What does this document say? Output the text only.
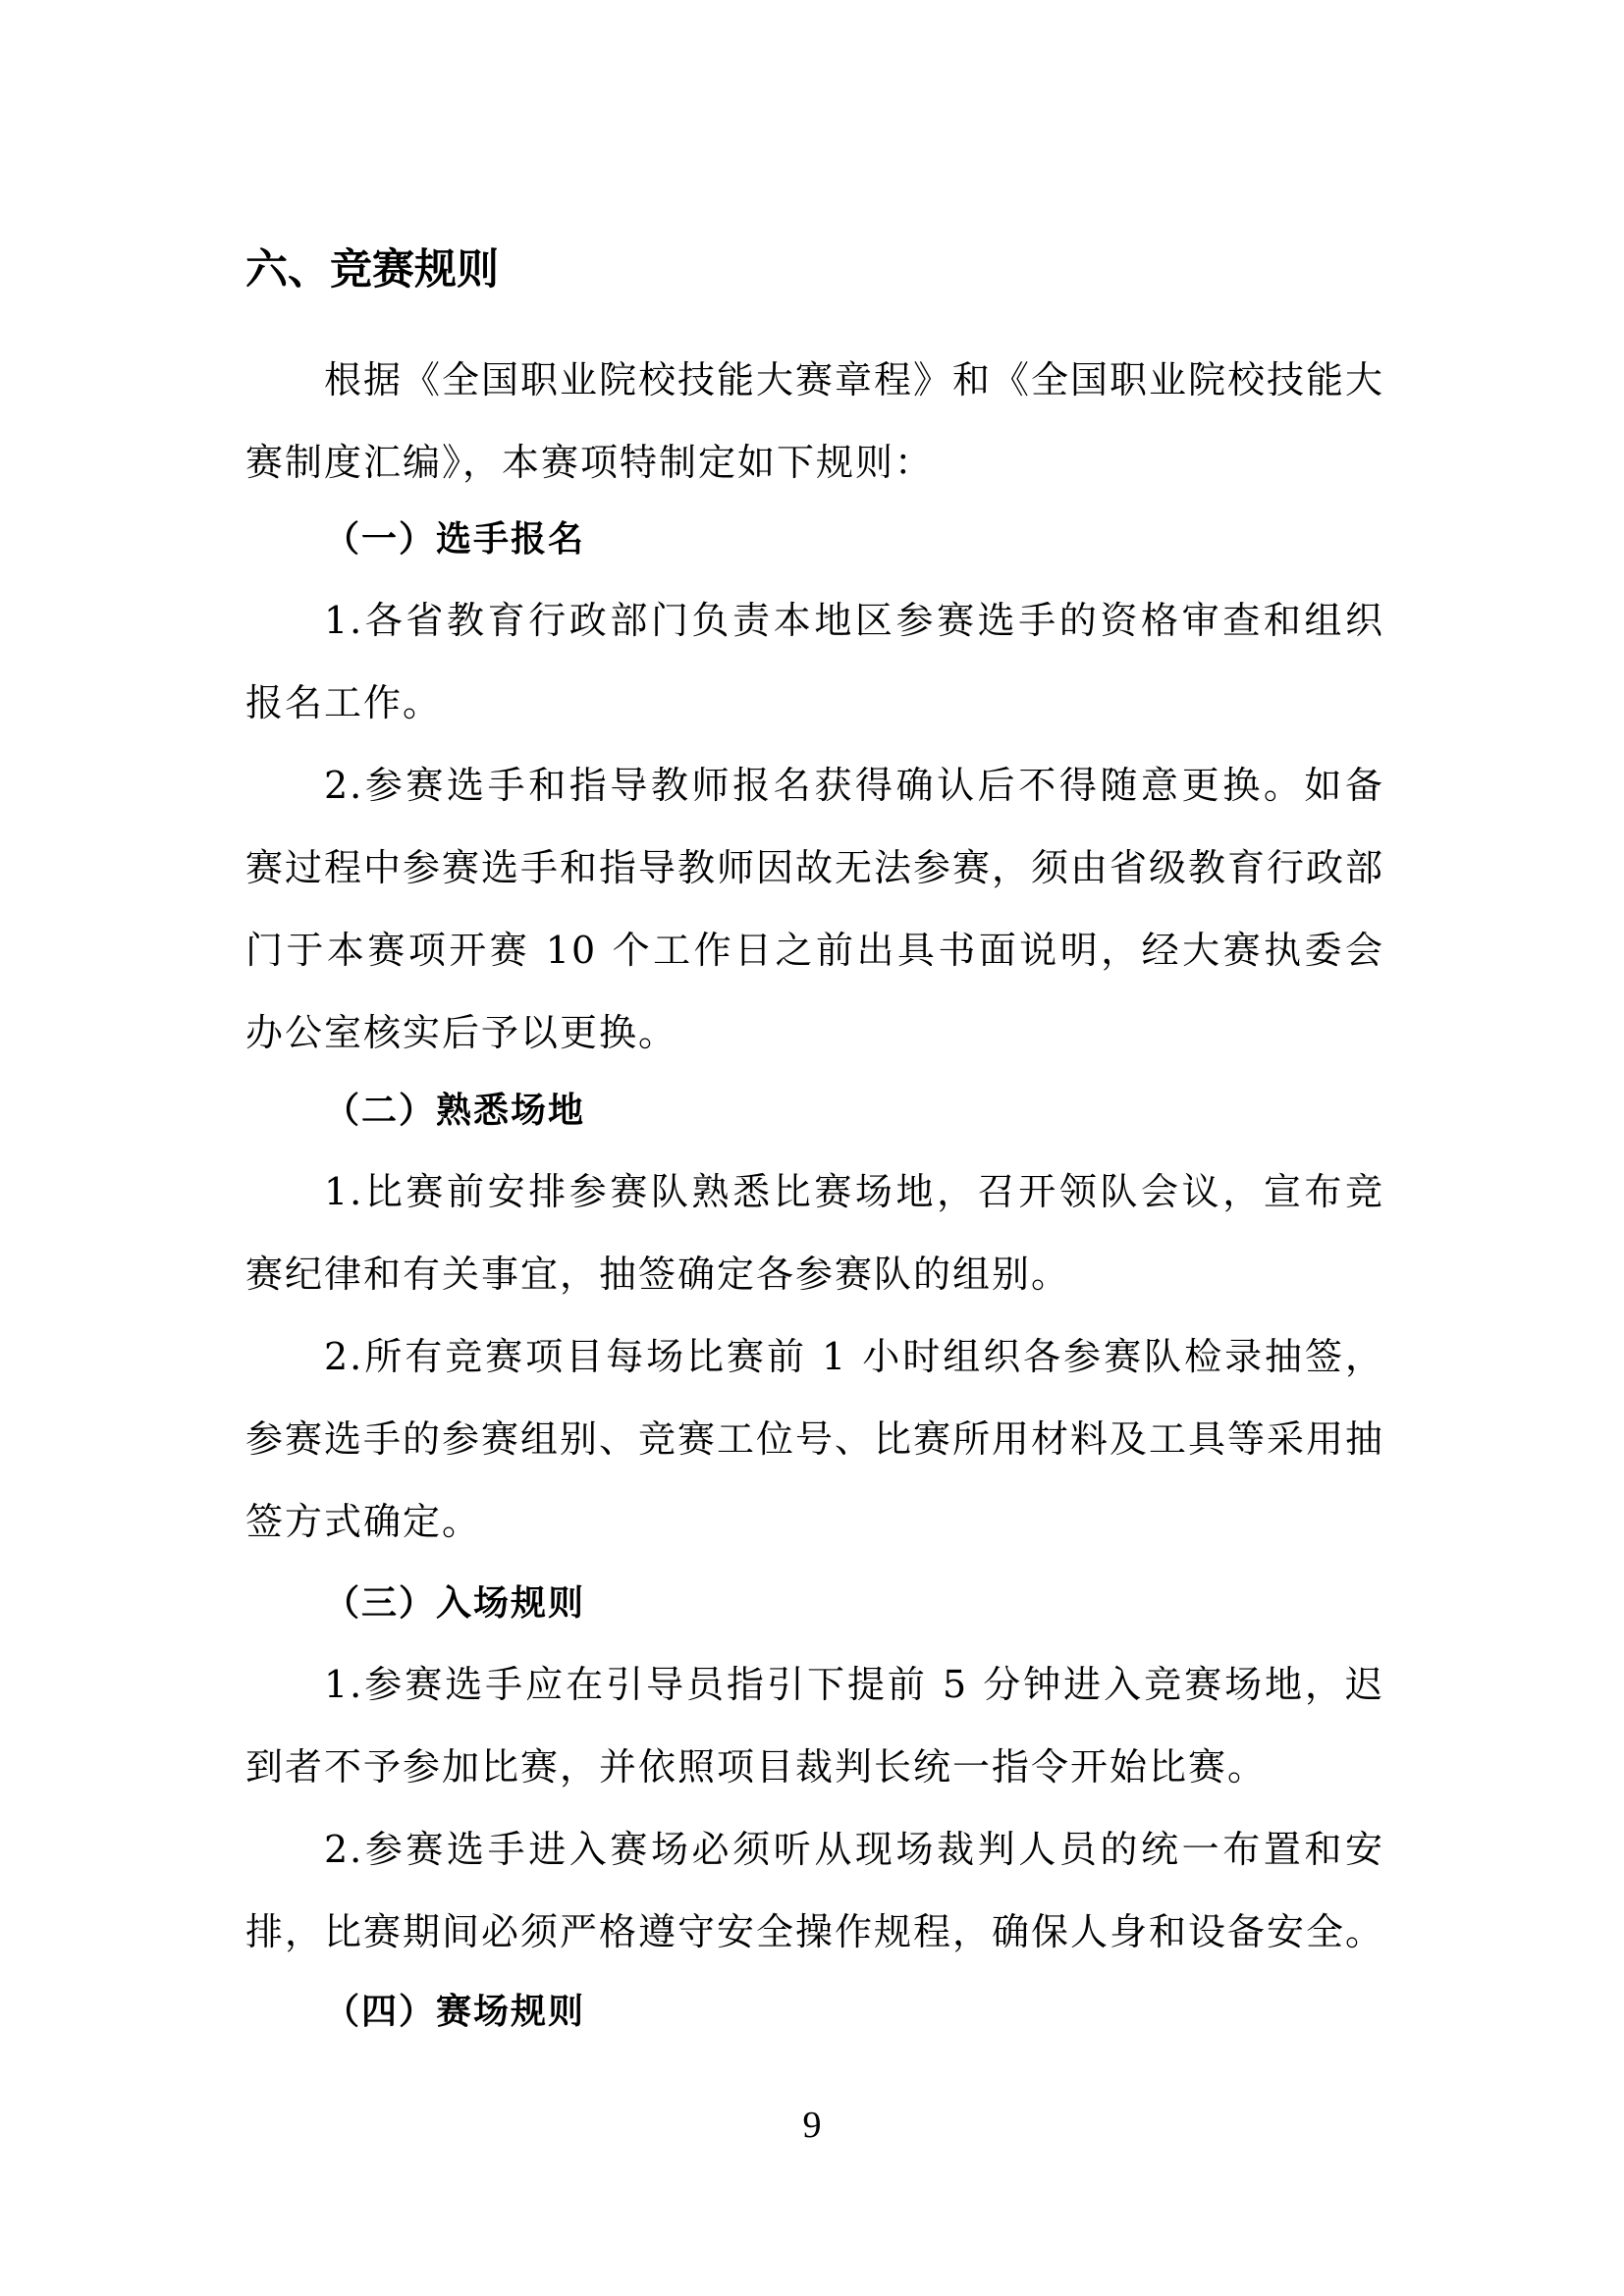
六、竞赛规则

根据《全国职业院校技能大赛章程》和《全国职业院校技能大赛制度汇编》，本赛项特制定如下规则：

（一）选手报名

1.各省教育行政部门负责本地区参赛选手的资格审查和组织报名工作。

2.参赛选手和指导教师报名获得确认后不得随意更换。如备赛过程中参赛选手和指导教师因故无法参赛，须由省级教育行政部门于本赛项开赛 10 个工作日之前出具书面说明，经大赛执委会办公室核实后予以更换。

（二）熟悉场地

1.比赛前安排参赛队熟悉比赛场地，召开领队会议，宣布竞赛纪律和有关事宜，抽签确定各参赛队的组别。

2.所有竞赛项目每场比赛前 1 小时组织各参赛队检录抽签，参赛选手的参赛组别、竞赛工位号、比赛所用材料及工具等采用抽签方式确定。

（三）入场规则

1.参赛选手应在引导员指引下提前 5 分钟进入竞赛场地，迟到者不予参加比赛，并依照项目裁判长统一指令开始比赛。

2.参赛选手进入赛场必须听从现场裁判人员的统一布置和安排，比赛期间必须严格遵守安全操作规程，确保人身和设备安全。

（四）赛场规则
9
